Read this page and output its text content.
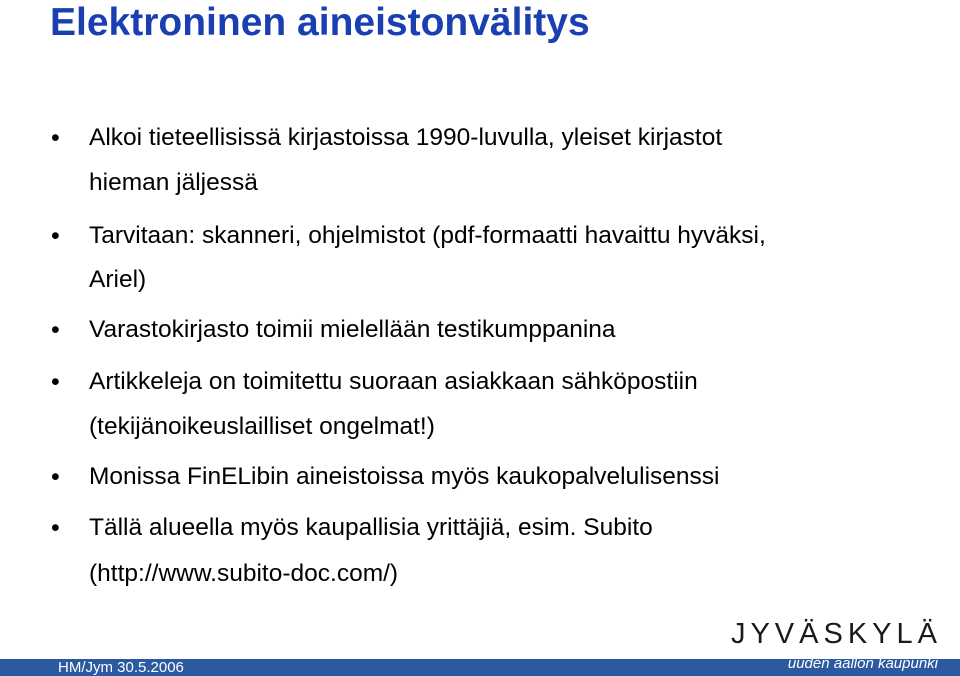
Elektroninen aineistonvälitys
• Alkoi tieteellisissä kirjastoissa 1990-luvulla, yleiset kirjastot
hieman jäljessä
• Tarvitaan: skanneri, ohjelmistot (pdf-formaatti havaittu hyväksi,
Ariel)
• Varastokirjasto toimii mielellään testikumppanina
• Artikkeleja on toimitettu suoraan asiakkaan sähköpostiin
(tekijänoikeuslailliset ongelmat!)
• Monissa FinELibin aineistoissa myös kaukopalvelulisenssi
• Tällä alueella myös kaupallisia yrittäjiä, esim. Subito
(http://www.subito-doc.com/)
HM/Jym 30.5.2006
JYVÄSKYLÄ
uuden aallon kaupunki
